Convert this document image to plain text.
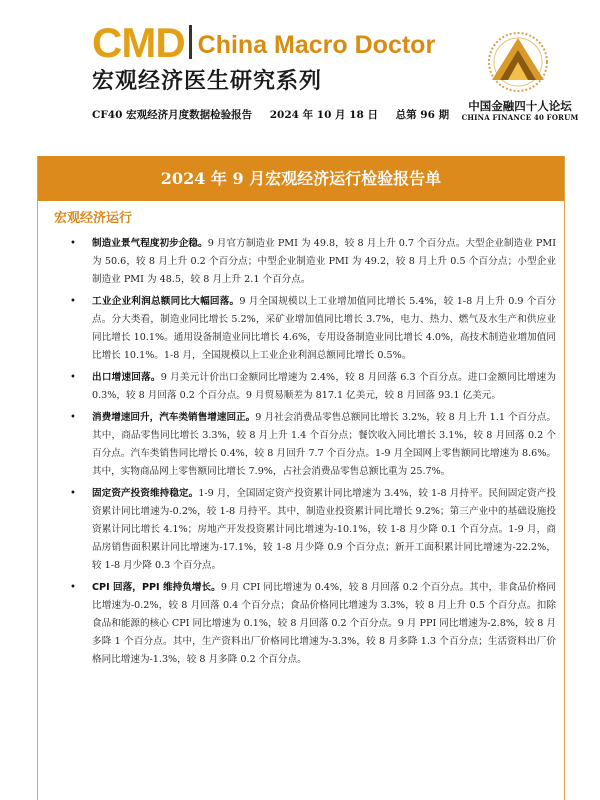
CMD China Macro Doctor
宏观经济医生研究系列
CF40 宏观经济月度数据检验报告 2024 年 10 月 18 日 总第 96 期
中国金融四十人论坛
CHINA FINANCE 40 FORUM
2024 年 9 月宏观经济运行检验报告单
宏观经济运行
• 制造业景气程度初步企稳。9 月官方制造业 PMI 为 49.8，较 8 月上升 0.7 个百分点。大型企业制造业 PMI 为 50.6，较 8 月上升 0.2 个百分点；中型企业制造业 PMI 为 49.2，较 8 月上升 0.5 个百分点；小型企业制造业 PMI 为 48.5，较 8 月上升 2.1 个百分点。
• 工业企业利润总额同比大幅回落。9 月全国规模以上工业增加值同比增长 5.4%，较 1-8 月上升 0.9 个百分点。分大类看，制造业同比增长 5.2%，采矿业增加值同比增长 3.7%，电力、热力、燃气及水生产和供应业同比增长 10.1%。通用设备制造业同比增长 4.6%，专用设备制造业同比增长 4.0%，高技术制造业增加值同比增长 10.1%。1-8 月，全国规模以上工业企业利润总额同比增长 0.5%。
• 出口增速回落。9 月美元计价出口金额同比增速为 2.4%，较 8 月回落 6.3 个百分点。进口金额同比增速为 0.3%，较 8 月回落 0.2 个百分点。9 月贸易顺差为 817.1 亿美元，较 8 月回落 93.1 亿美元。
• 消费增速回升，汽车类销售增速回正。9 月社会消费品零售总额同比增长 3.2%，较 8 月上升 1.1 个百分点。其中，商品零售同比增长 3.3%，较 8 月上升 1.4 个百分点；餐饮收入同比增长 3.1%，较 8 月回落 0.2 个百分点。汽车类销售同比增长 0.4%，较 8 月回升 7.7 个百分点。1-9 月全国网上零售额同比增速为 8.6%。其中，实物商品网上零售额同比增长 7.9%，占社会消费品零售总额比重为 25.7%。
• 固定资产投资维持稳定。1-9 月，全国固定资产投资累计同比增速为 3.4%，较 1-8 月持平。民间固定资产投资累计同比增速为-0.2%，较 1-8 月持平。其中，制造业投资累计同比增长 9.2%；第三产业中的基础设施投资累计同比增长 4.1%；房地产开发投资累计同比增速为-10.1%，较 1-8 月少降 0.1 个百分点。1-9 月，商品房销售面积累计同比增速为-17.1%，较 1-8 月少降 0.9 个百分点；新开工面积累计同比增速为-22.2%，较 1-8 月少降 0.3 个百分点。
• CPI 回落，PPI 维持负增长。9 月 CPI 同比增速为 0.4%，较 8 月回落 0.2 个百分点。其中，非食品价格同比增速为-0.2%，较 8 月回落 0.4 个百分点；食品价格同比增速为 3.3%，较 8 月上升 0.5 个百分点。扣除食品和能源的核心 CPI 同比增速为 0.1%，较 8 月回落 0.2 个百分点。9 月 PPI 同比增速为-2.8%，较 8 月多降 1 个百分点。其中，生产资料出厂价格同比增速为-3.3%，较 8 月多降 1.3 个百分点；生活资料出厂价格同比增速为-1.3%，较 8 月多降 0.2 个百分点。
